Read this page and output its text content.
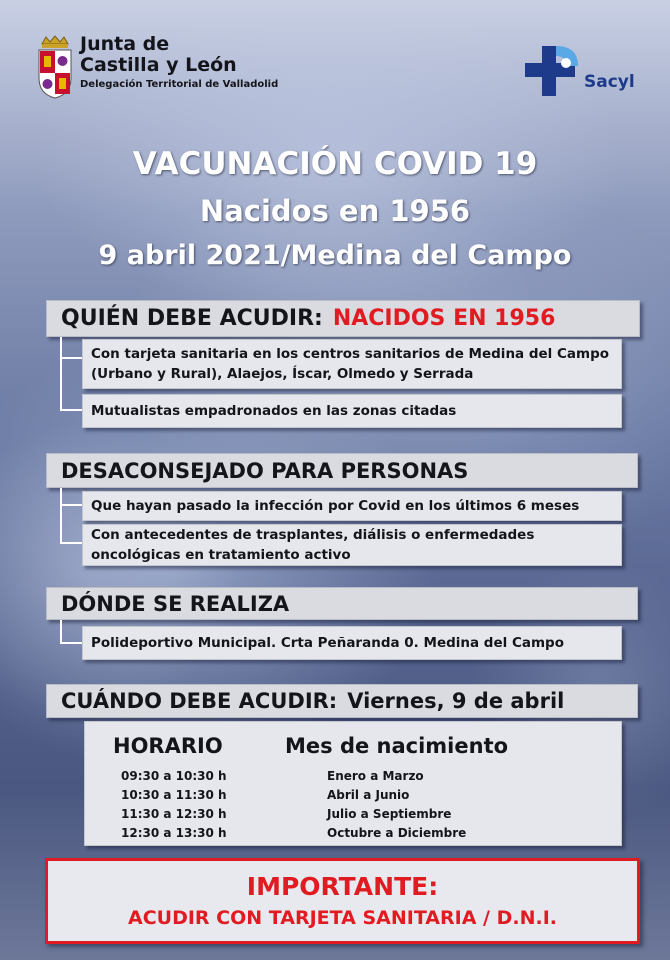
Junta de
Castilla y León
Delegación Territorial de Valladolid	Sacyl
VACUNACIÓN COVID 19
Nacidos en 1956
9 abril 2021/Medina del Campo
QUIÉN DEBE ACUDIR: NACIDOS EN 1956
Con tarjeta sanitaria en los centros sanitarios de Medina del Campo (Urbano y Rural), Alaejos, Íscar, Olmedo y Serrada
Mutualistas empadronados en las zonas citadas
DESACONSEJADO PARA PERSONAS
Que hayan pasado la infección por Covid en los últimos 6 meses
Con antecedentes de trasplantes, diálisis o enfermedades oncológicas en tratamiento activo
DÓNDE SE REALIZA
Polideportivo Municipal. Crta Peñaranda 0. Medina del Campo
CUÁNDO DEBE ACUDIR: Viernes, 9 de abril
HORARIO	Mes de nacimiento
09:30 a 10:30 h	Enero a Marzo
10:30 a 11:30 h	Abril a Junio
11:30 a 12:30 h	Julio a Septiembre
12:30 a 13:30 h	Octubre a Diciembre
IMPORTANTE:
ACUDIR CON TARJETA SANITARIA / D.N.I.
